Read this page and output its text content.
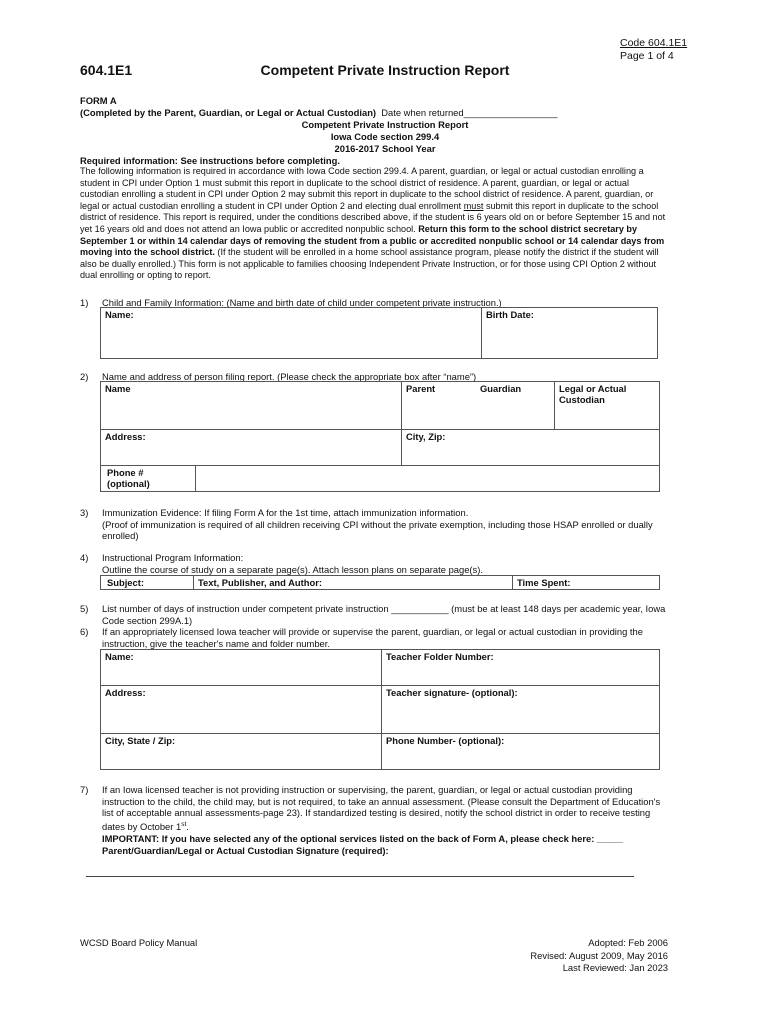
Code 604.1E1
Page 1 of 4
604.1E1	Competent Private Instruction Report
FORM A
(Completed by the Parent, Guardian, or Legal or Actual Custodian) Date when returned__________________
Competent Private Instruction Report
Iowa Code section 299.4
2016-2017 School Year
Required information: See instructions before completing.
The following information is required in accordance with Iowa Code section 299.4. A parent, guardian, or legal or actual custodian enrolling a student in CPI under Option 1 must submit this report in duplicate to the school district of residence. A parent, guardian, or legal or actual custodian enrolling a student in CPI under Option 2 may submit this report in duplicate to the school district of residence. A parent, guardian, or legal or actual custodian enrolling a student in CPI under Option 2 and electing dual enrollment must submit this report in duplicate to the school district of residence. This report is required, under the conditions described above, if the student is 6 years old on or before September 15 and not yet 16 years old and does not attend an Iowa public or accredited nonpublic school. Return this form to the school district secretary by September 1 or within 14 calendar days of removing the student from a public or accredited nonpublic school or 14 calendar days from moving into the school district. (If the student will be enrolled in a home school assistance program, please notify the district if the student will also be dually enrolled.) This form is not applicable to families choosing Independent Private Instruction, or for those using CPI Option 2 without dual enrolling or opting to report.
1) Child and Family Information: (Name and birth date of child under competent private instruction.)
Name:	Birth Date:
2) Name and address of person filing report. (Please check the appropriate box after “name”)
Name	Parent	Guardian	Legal or Actual Custodian
Address:	City, Zip:		
Phone #
(optional)

3) Immunization Evidence: If filing Form A for the 1st time, attach immunization information.
(Proof of immunization is required of all children receiving CPI without the private exemption, including those HSAP enrolled or dually enrolled)
4) Instructional Program Information:
Outline the course of study on a separate page(s). Attach lesson plans on separate page(s).
Subject:	Text, Publisher, and Author:	Time Spent:
5) List number of days of instruction under competent private instruction ___________ (must be at least 148 days per academic year, Iowa Code section 299A.1)
6) If an appropriately licensed Iowa teacher will provide or supervise the parent, guardian, or legal or actual custodian in providing the instruction, give the teacher's name and folder number.
Name:	Teacher Folder Number:
Address:	Teacher signature- (optional):
City, State / Zip:	Phone Number- (optional):
7) If an Iowa licensed teacher is not providing instruction or supervising, the parent, guardian, or legal or actual custodian providing instruction to the child, the child may, but is not required, to take an annual assessment. (Please consult the Department of Education's list of acceptable annual assessments-page 23). If standardized testing is desired, notify the school district in order to receive testing dates by October 1st.
IMPORTANT: If you have selected any of the optional services listed on the back of Form A, please check here: _____
Parent/Guardian/Legal or Actual Custodian Signature (required):
WCSD Board Policy Manual	Adopted: Feb 2006
Revised: August 2009, May 2016
Last Reviewed: Jan 2023
